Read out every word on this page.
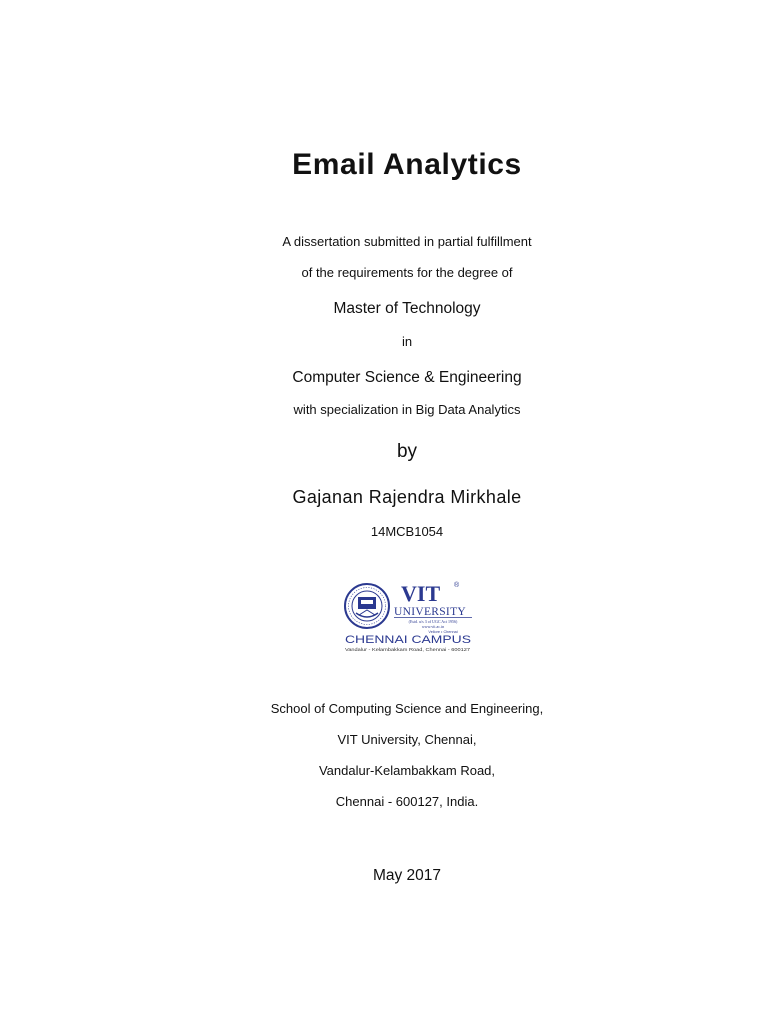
Email Analytics
A dissertation submitted in partial fulfillment
of the requirements for the degree of
Master of Technology
in
Computer Science & Engineering
with specialization in Big Data Analytics
by
Gajanan Rajendra Mirkhale
14MCB1054
VIT ®
UNIVERSITY
(Estd. u/s 3 of UGC Act 1956)
www.vit.ac.in
Vellore • Chennai
CHENNAI CAMPUS
Vandalur - Kelambakkam Road, Chennai - 600127
School of Computing Science and Engineering,
VIT University, Chennai,
Vandalur-Kelambakkam Road,
Chennai - 600127, India.
May 2017
